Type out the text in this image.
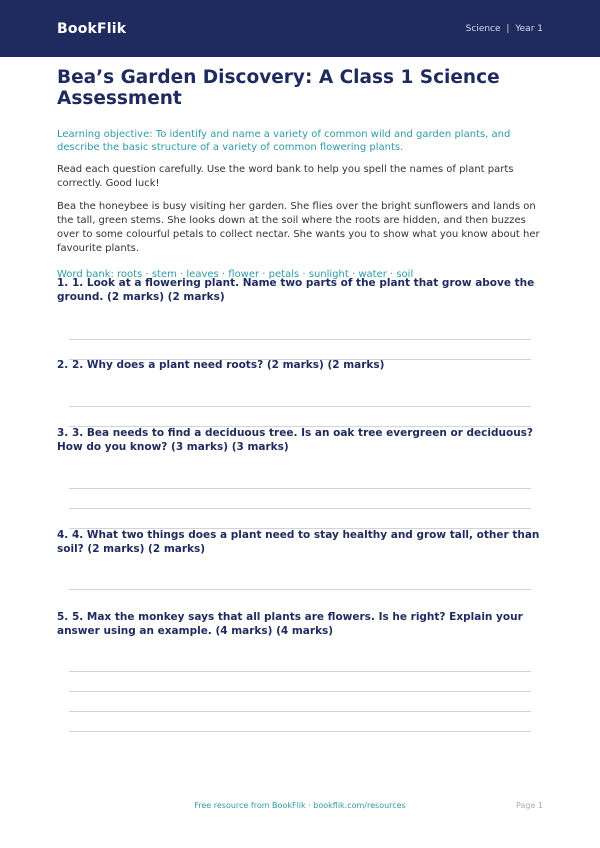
BookFlik	Science | Year 1
Bea’s Garden Discovery: A Class 1 Science Assessment

Learning objective: To identify and name a variety of common wild and garden plants, and describe the basic structure of a variety of common flowering plants.

Read each question carefully. Use the word bank to help you spell the names of plant parts correctly. Good luck!

Bea the honeybee is busy visiting her garden. She flies over the bright sunflowers and lands on the tall, green stems. She looks down at the soil where the roots are hidden, and then buzzes over to some colourful petals to collect nectar. She wants you to show what you know about her favourite plants.

Word bank: roots · stem · leaves · flower · petals · sunlight · water · soil

1. 1. Look at a flowering plant. Name two parts of the plant that grow above the ground. (2 marks) (2 marks)

2. 2. Why does a plant need roots? (2 marks) (2 marks)

3. 3. Bea needs to find a deciduous tree. Is an oak tree evergreen or deciduous? How do you know? (3 marks) (3 marks)

4. 4. What two things does a plant need to stay healthy and grow tall, other than soil? (2 marks) (2 marks)

5. 5. Max the monkey says that all plants are flowers. Is he right? Explain your answer using an example. (4 marks) (4 marks)

Free resource from BookFlik · bookflik.com/resources	Page 1
